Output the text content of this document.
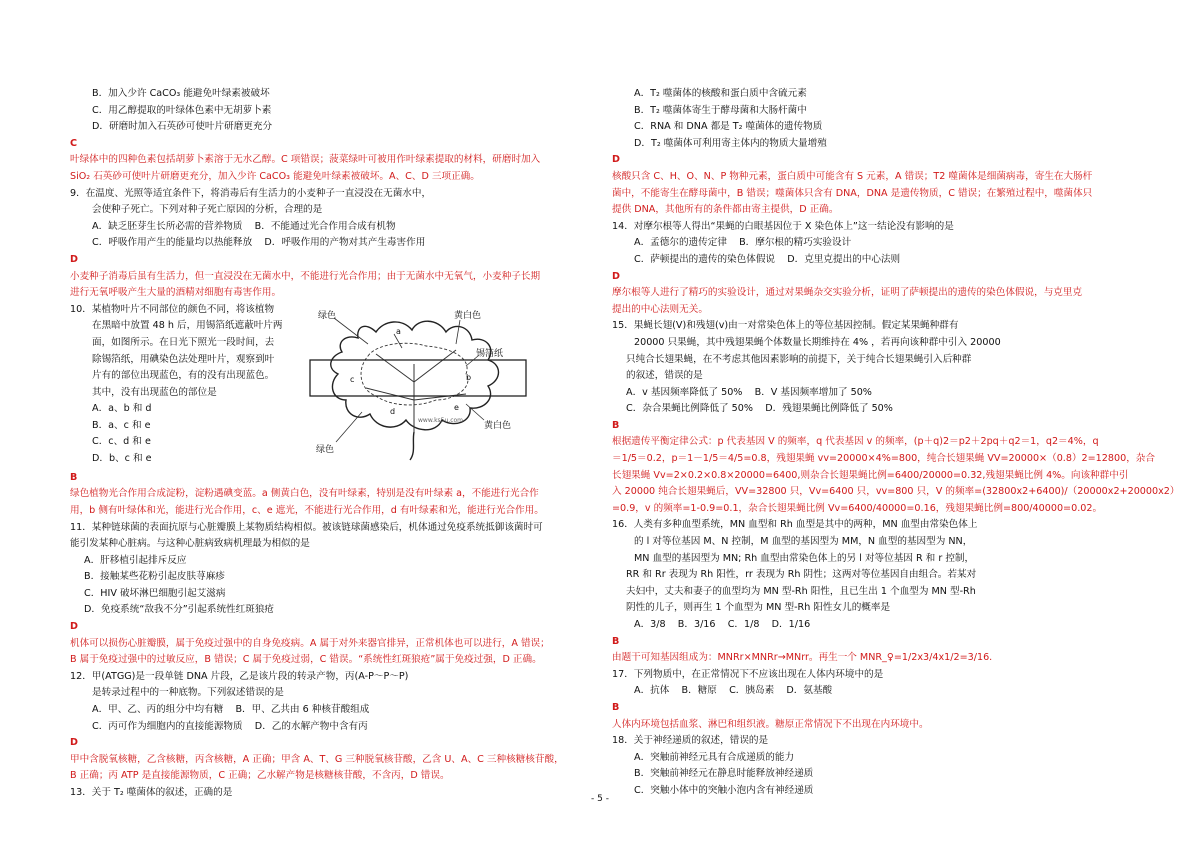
B．加入少许 CaCO₃ 能避免叶绿素被破坏
C．用乙醇提取的叶绿体色素中无胡萝卜素
D．研磨时加入石英砂可使叶片研磨更充分
C
叶绿体中的四种色素包括胡萝卜素溶于无水乙醇。C 项错误；菠菜绿叶可被用作叶绿素提取的材料，研磨时加入
SiO₂ 石英砂可使叶片研磨更充分，加入少许 CaCO₃ 能避免叶绿素被破坏。A、C、D 三项正确。
9．在温度、光照等适宜条件下，将消毒后有生活力的小麦种子一直浸没在无菌水中，
会使种子死亡。下列对种子死亡原因的分析，合理的是
A．缺乏胚芽生长所必需的营养物质    B．不能通过光合作用合成有机物
C．呼吸作用产生的能量均以热能释放    D．呼吸作用的产物对其产生毒害作用
D
小麦种子消毒后虽有生活力，但一直浸没在无菌水中，不能进行光合作用；由于无菌水中无氧气，小麦种子长期
进行无氧呼吸产生大量的酒精对细胞有毒害作用。
10．某植物叶片不同部位的颜色不同，将该植物
在黑暗中放置 48 h 后，用锡箔纸遮蔽叶片两
面，如图所示。在日光下照光一段时间，去
除锡箔纸，用碘染色法处理叶片，观察到叶
片有的部位出现蓝色，有的没有出现蓝色。
其中，没有出现蓝色的部位是
A．a、b 和 d
B．a、c 和 e
C．c、d 和 e
D．b、c 和 e
绿色	黄白色
锡箔纸
黄白色
绿色
a
b
c
d	e
www.ks5u.com
B
绿色植物光合作用合成淀粉，淀粉遇碘变蓝。a 侧黄白色，没有叶绿素，特别是没有叶绿素 a，不能进行光合作
用，b 侧有叶绿体和光，能进行光合作用，c、e 遮光，不能进行光合作用，d 有叶绿素和光，能进行光合作用。
11．某种链球菌的表面抗原与心脏瓣膜上某物质结构相似。被该链球菌感染后，机体通过免疫系统抵御该菌时可
能引发某种心脏病。与这种心脏病致病机理最为相似的是
A．肝移植引起排斥反应
B．接触某些花粉引起皮肤荨麻疹
C．HIV 破坏淋巴细胞引起艾滋病
D．免疫系统“敌我不分”引起系统性红斑狼疮
D
机体可以损伤心脏瓣膜，属于免疫过强中的自身免疫病。A 属于对外来器官排异，正常机体也可以进行，A 错误；
B 属于免疫过强中的过敏反应，B 错误；C 属于免疫过弱，C 错误。“系统性红斑狼疮”属于免疫过强，D 正确。
12．甲(ATGG)是一段单链 DNA 片段，乙是该片段的转录产物，丙(A-P～P～P)
是转录过程中的一种底物。下列叙述错误的是
A．甲、乙、丙的组分中均有糖    B．甲、乙共由 6 种核苷酸组成
C．丙可作为细胞内的直接能源物质    D．乙的水解产物中含有丙
D
甲中含脱氧核糖，乙含核糖，丙含核糖，A 正确；甲含 A、T、G 三种脱氧核苷酸，乙含 U、A、C 三种核糖核苷酸，
B 正确；丙 ATP 是直接能源物质，C 正确；乙水解产物是核糖核苷酸，不含丙，D 错误。
13．关于 T₂ 噬菌体的叙述，正确的是
A．T₂ 噬菌体的核酸和蛋白质中含硫元素
B．T₂ 噬菌体寄生于酵母菌和大肠杆菌中
C．RNA 和 DNA 都是 T₂ 噬菌体的遗传物质
D．T₂ 噬菌体可利用寄主体内的物质大量增殖
D
核酸只含 C、H、O、N、P 物种元素，蛋白质中可能含有 S 元素，A 错误；T2 噬菌体是细菌病毒，寄生在大肠杆
菌中，不能寄生在酵母菌中，B 错误；噬菌体只含有 DNA，DNA 是遗传物质，C 错误；在繁殖过程中，噬菌体只
提供 DNA，其他所有的条件都由寄主提供，D 正确。
14．对摩尔根等人得出“果蝇的白眼基因位于 X 染色体上”这一结论没有影响的是
A．孟德尔的遗传定律    B．摩尔根的精巧实验设计
C．萨顿提出的遗传的染色体假说    D．克里克提出的中心法则
D
摩尔根等人进行了精巧的实验设计，通过对果蝇杂交实验分析，证明了萨顿提出的遗传的染色体假说，与克里克
提出的中心法则无关。
15．果蝇长翅(V)和残翅(v)由一对常染色体上的等位基因控制。假定某果蝇种群有
20000 只果蝇，其中残翅果蝇个体数量长期维持在 4% ，若再向该种群中引入 20000
只纯合长翅果蝇，在不考虑其他因素影响的前提下，关于纯合长翅果蝇引入后种群
的叙述，错误的是
A．v 基因频率降低了 50%    B．V 基因频率增加了 50%
C．杂合果蝇比例降低了 50%    D．残翅果蝇比例降低了 50%
B
根据遗传平衡定律公式：p 代表基因 V 的频率，q 代表基因 v 的频率，(p＋q)2＝p2＋2pq＋q2＝1，q2＝4%，q
＝1/5＝0.2，p＝1－1/5＝4/5=0.8，残翅果蝇 vv=20000×4%=800，纯合长翅果蝇 VV=20000×（0.8）2=12800，杂合
长翅果蝇 Vv=2×0.2×0.8×20000=6400,则杂合长翅果蝇比例=6400/20000=0.32,残翅果蝇比例 4%。向该种群中引
入 20000 纯合长翅果蝇后，VV=32800 只，Vv=6400 只，vv=800 只，V 的频率=(32800x2+6400)/（20000x2+20000x2）
=0.9，v 的频率=1-0.9=0.1，杂合长翅果蝇比例 Vv=6400/40000=0.16，残翅果蝇比例=800/40000=0.02。
16．人类有多种血型系统，MN 血型和 Rh 血型是其中的两种，MN 血型由常染色体上
的 l 对等位基因 M、N 控制，M 血型的基因型为 MM，N 血型的基因型为 NN，
MN 血型的基因型为 MN; Rh 血型由常染色体上的另 l 对等位基因 R 和 r 控制，
RR 和 Rr 表现为 Rh 阳性，rr 表现为 Rh 阴性；这两对等位基因自由组合。若某对
夫妇中，丈夫和妻子的血型均为 MN 型-Rh 阳性，且已生出 1 个血型为 MN 型-Rh
阴性的儿子，则再生 1 个血型为 MN 型-Rh 阳性女儿的概率是
A．3/8    B．3/16    C．1/8    D．1/16
B
由题干可知基因组成为：MNRr×MNRr→MNrr。再生一个 MNR_♀=1/2x3/4x1/2=3/16.
17．下列物质中，在正常情况下不应该出现在人体内环境中的是
A．抗体    B．糖原    C．胰岛素    D．氨基酸
B
人体内环境包括血浆、淋巴和组织液。糖原正常情况下不出现在内环境中。
18．关于神经递质的叙述，错误的是
A．突触前神经元具有合成递质的能力
B．突触前神经元在静息时能释放神经递质
C．突触小体中的突触小泡内含有神经递质
- 5 -
